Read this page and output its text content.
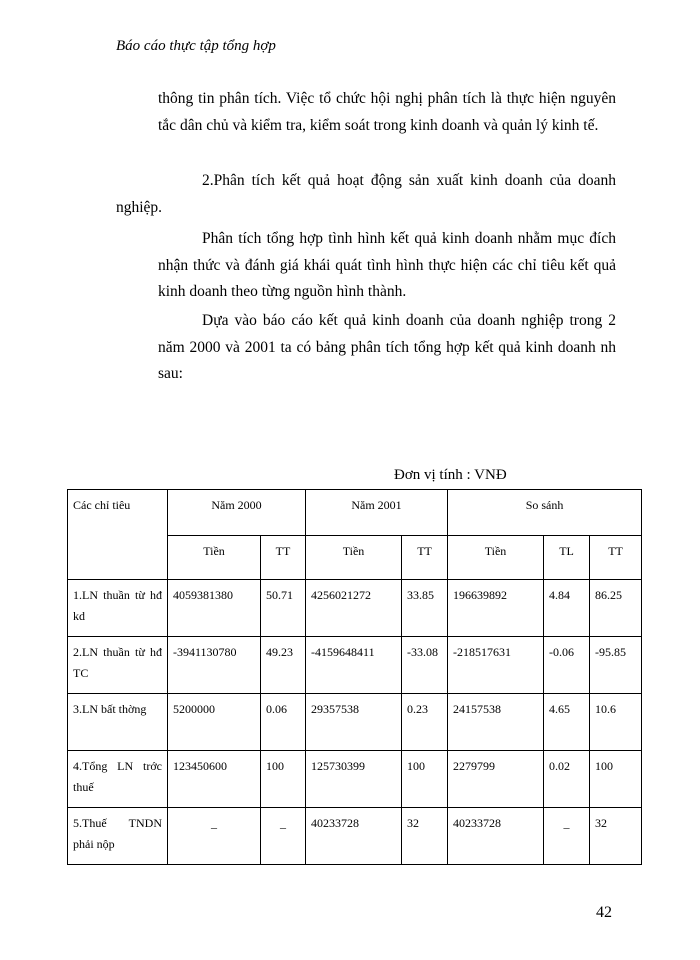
Báo cáo thực tập tổng hợp

thông tin phân tích. Việc tổ chức hội nghị phân tích là thực hiện nguyên tắc dân chủ và kiểm tra, kiểm soát trong kinh doanh và quản lý kinh tế.

2.Phân tích kết quả hoạt động sản xuất kinh doanh của doanh nghiệp.

Phân tích tổng hợp tình hình kết quả kinh doanh nhằm mục đích nhận thức và đánh giá khái quát tình hình thực hiện các chỉ tiêu kết quả kinh doanh theo từng nguồn hình thành.

Dựa vào báo cáo kết quả kinh doanh của doanh nghiệp trong 2 năm 2000 và 2001 ta có bảng phân tích tổng hợp kết quả kinh doanh nh sau:

Đơn vị tính : VNĐ
Các chỉ tiêu	Năm 2000		Năm 2001		So sánh		
	Tiền	TT	Tiền	TT	Tiền	TL	TT
1.LN thuần từ hđ kd	4059381380	50.71	4256021272	33.85	196639892	4.84	86.25
2.LN thuần từ hđ TC	-3941130780	49.23	-4159648411	-33.08	-218517631	-0.06	-95.85
3.LN bất thờng	5200000	0.06	29357538	0.23	24157538	4.65	10.6
4.Tổng LN trớc thuế	123450600	100	125730399	100	2279799	0.02	100
5.Thuế TNDN phải nộp	_	_	40233728	32	40233728	_	32
42
